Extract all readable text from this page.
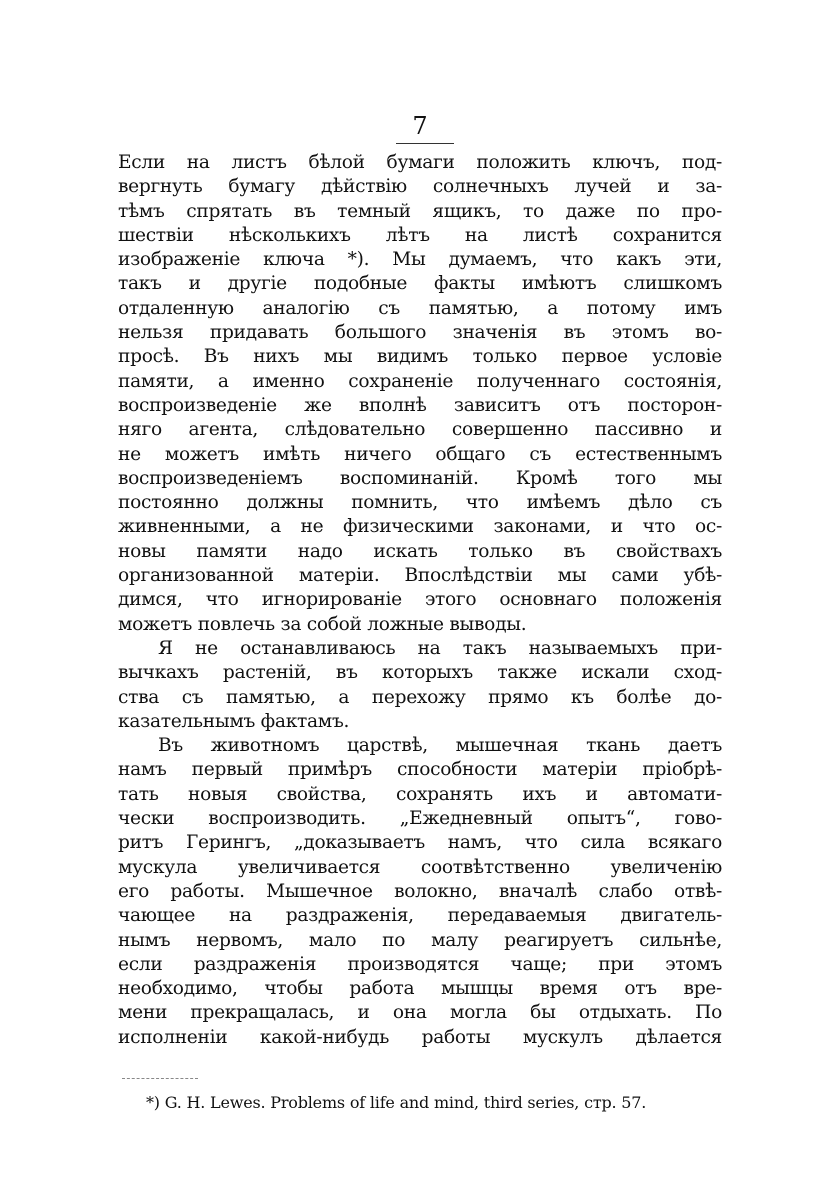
7
Если на листъ бѣлой бумаги положить ключъ, под-
вергнуть бумагу дѣйствію солнечныхъ лучей и за-
тѣмъ спрятать въ темный ящикъ, то даже по про-
шествіи нѣсколькихъ лѣтъ на листѣ сохранится
изображеніе ключа *). Мы думаемъ, что какъ эти,
такъ и другіе подобные факты имѣютъ слишкомъ
отдаленную аналогію съ памятью, а потому имъ
нельзя придавать большого значенія въ этомъ во-
просѣ. Въ нихъ мы видимъ только первое условіе
памяти, а именно сохраненіе полученнаго состоянія,
воспроизведеніе же вполнѣ зависитъ отъ посторон-
няго агента, слѣдовательно совершенно пассивно и
не можетъ имѣть ничего общаго съ естественнымъ
воспроизведеніемъ воспоминаній. Кромѣ того мы
постоянно должны помнить, что имѣемъ дѣло съ
живненными, а не физическими законами, и что ос-
новы памяти надо искать только въ свойствахъ
организованной матеріи. Впослѣдствіи мы сами убѣ-
димся, что игнорированіе этого основнаго положенія
можетъ повлечь за собой ложные выводы.
Я не останавливаюсь на такъ называемыхъ при-
вычкахъ растеній, въ которыхъ также искали сход-
ства съ памятью, а перехожу прямо къ болѣе до-
казательнымъ фактамъ.
Въ животномъ царствѣ, мышечная ткань даетъ
намъ первый примѣръ способности матеріи пріобрѣ-
тать новыя свойства, сохранять ихъ и автомати-
чески воспроизводить. „Ежедневный опытъ“, гово-
ритъ Герингъ, „доказываетъ намъ, что сила всякаго
мускула увеличивается соотвѣтственно увеличенію
его работы. Мышечное волокно, вначалѣ слабо отвѣ-
чающее на раздраженія, передаваемыя двигатель-
нымъ нервомъ, мало по малу реагируетъ сильнѣе,
если раздраженія производятся чаще; при этомъ
необходимо, чтобы работа мышцы время отъ вре-
мени прекращалась, и она могла бы отдыхать. По
исполненіи какой-нибудь работы мускулъ дѣлается
*) G. H. Lewes. Problems of life and mind, third series, стр. 57.
